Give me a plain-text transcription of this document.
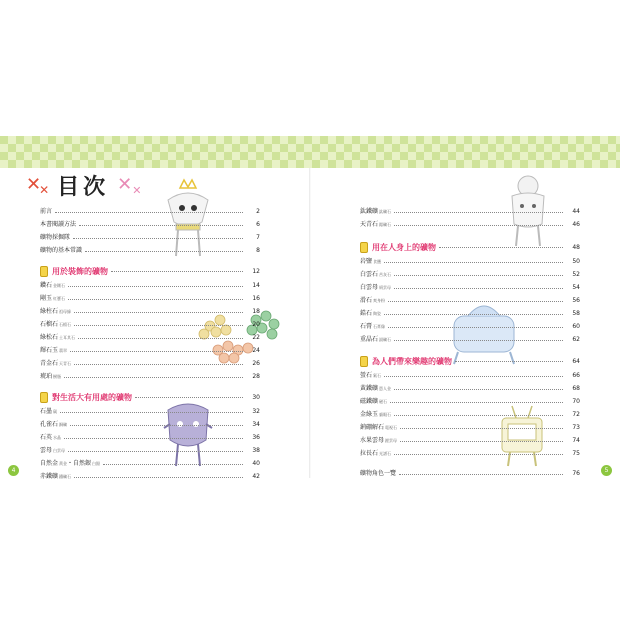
✕
✕ 目次 ✕ ✕
前言	2
本書閱讀方法	6
礦物採掘隊	7
礦物的基本常識	8
用於裝飾的礦物	12
鑽石金剛石	14
剛玉紅寶石	16
綠柱石祖母綠	18
石榴石石榴石	20
綠松石土耳其石	22
輝石玉翡翠	24
青金石天青石	26
琥珀樹脂	28
對生活大有用處的礦物	30
石墨碳	32
孔雀石銅礦	34
石英水晶	36
雲母白雲母	38
自然金黃金・自然銀白銀	40
赤鐵礦鐵礦石	42
鈦鐵礦鈦礦石	44
天青石鍶礦石	46
用在人身上的礦物	48
岩鹽食鹽	50
白雲石苦灰石	52
白雲母絹雲母	54
滑石爽身粉	56
鋯石陶瓷	58
石膏石膏像	60
重晶石鋇礦石	62
為人們帶來樂趣的礦物	64
螢石氟石	66
黃鐵礦愚人金	68
磁鐵礦磁石	70
金綠玉貓眼石	72
鈉硼解石電視石	73
水果雲母鋰雲母	74
拉長石光譜石	75
礦物角色一覽	76
4	5
